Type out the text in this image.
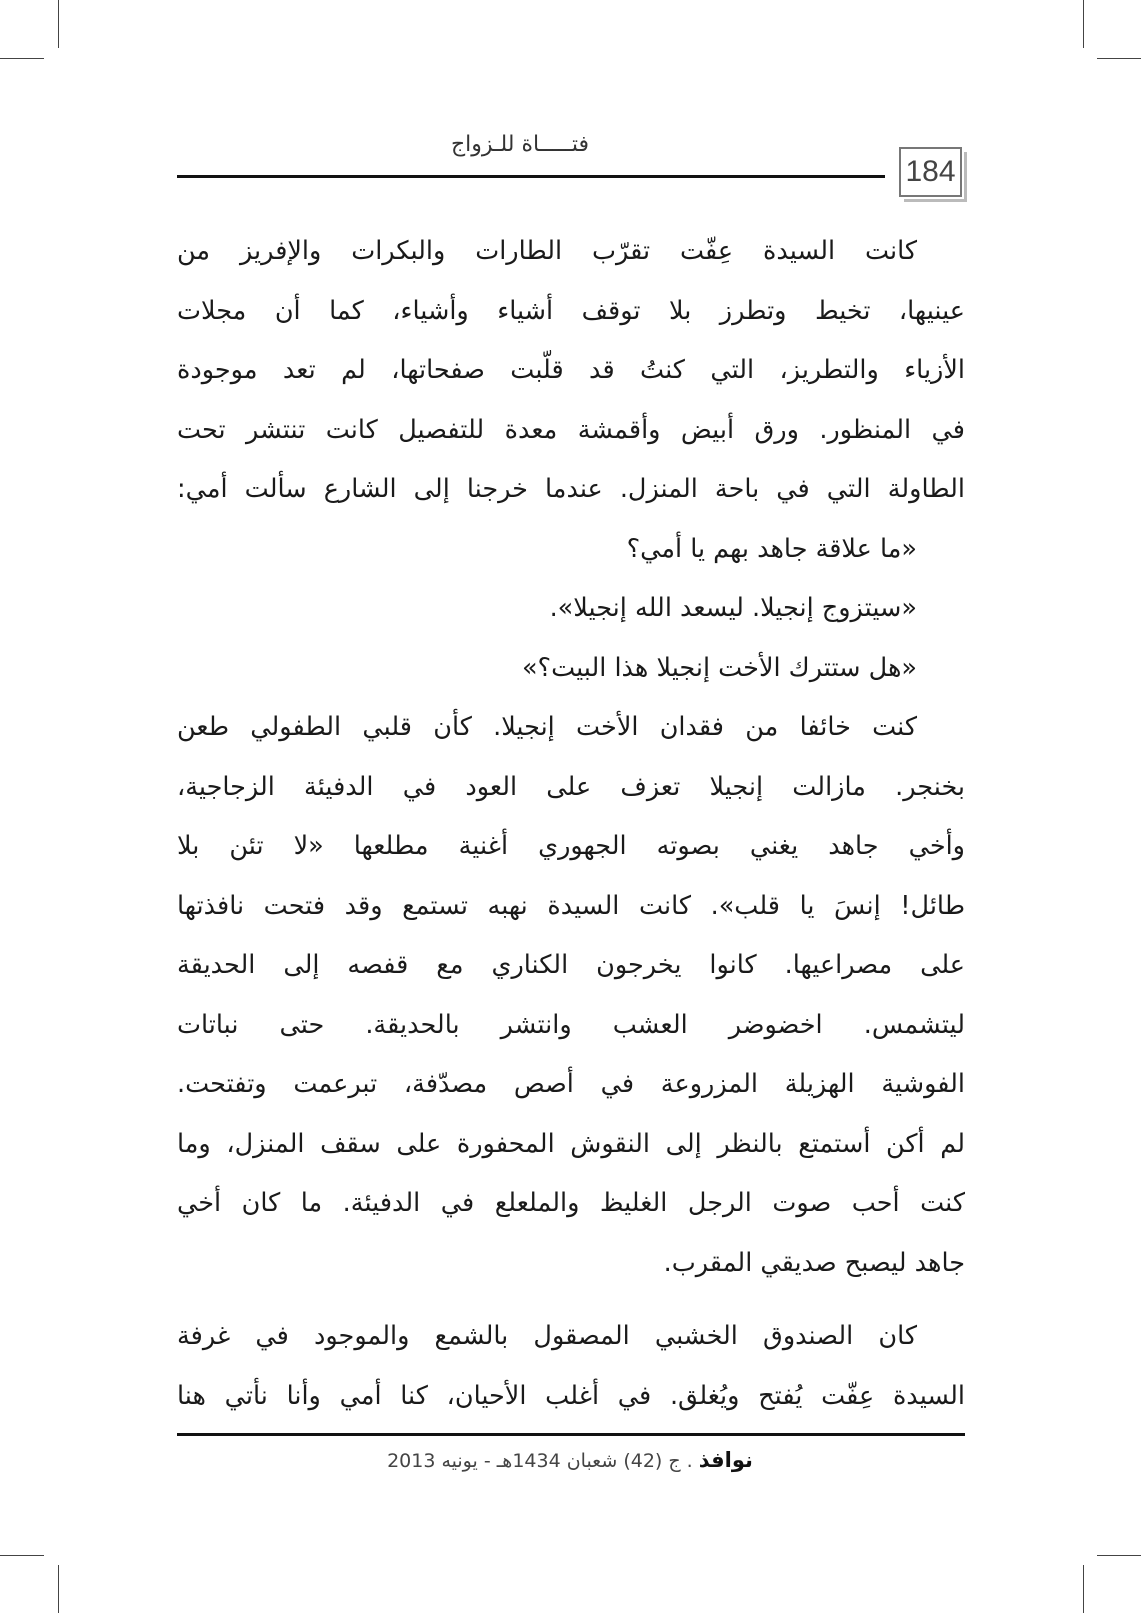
فتـــــاة للـزواج
184
كانت السيدة عِفّت تقرّب الطارات والبكرات والإفريز من
عينيها، تخيط وتطرز بلا توقف أشياء وأشياء، كما أن مجلات
الأزياء والتطريز، التي كنتُ قد قلّبت صفحاتها، لم تعد موجودة
في المنظور. ورق أبيض وأقمشة معدة للتفصيل كانت تنتشر تحت
الطاولة التي في باحة المنزل. عندما خرجنا إلى الشارع سألت أمي:
«ما علاقة جاهد بهم يا أمي؟
«سيتزوج إنجيلا. ليسعد الله إنجيلا».
«هل ستترك الأخت إنجيلا هذا البيت؟»
كنت خائفا من فقدان الأخت إنجيلا. كأن قلبي الطفولي طعن
بخنجر. مازالت إنجيلا تعزف على العود في الدفيئة الزجاجية،
وأخي جاهد يغني بصوته الجهوري أغنية مطلعها «لا تئن بلا
طائل! إنسَ يا قلب». كانت السيدة نهبه تستمع وقد فتحت نافذتها
على مصراعيها. كانوا يخرجون الكناري مع قفصه إلى الحديقة
ليتشمس. اخضوضر العشب وانتشر بالحديقة. حتى نباتات
الفوشية الهزيلة المزروعة في أصص مصدّفة، تبرعمت وتفتحت.
لم أكن أستمتع بالنظر إلى النقوش المحفورة على سقف المنزل، وما
كنت أحب صوت الرجل الغليظ والملعلع في الدفيئة. ما كان أخي
جاهد ليصبح صديقي المقرب.
كان الصندوق الخشبي المصقول بالشمع والموجود في غرفة
السيدة عِفّت يُفتح ويُغلق. في أغلب الأحيان، كنا أمي وأنا نأتي هنا
نوافذ . ج (42) شعبان 1434هـ - يونيه 2013
